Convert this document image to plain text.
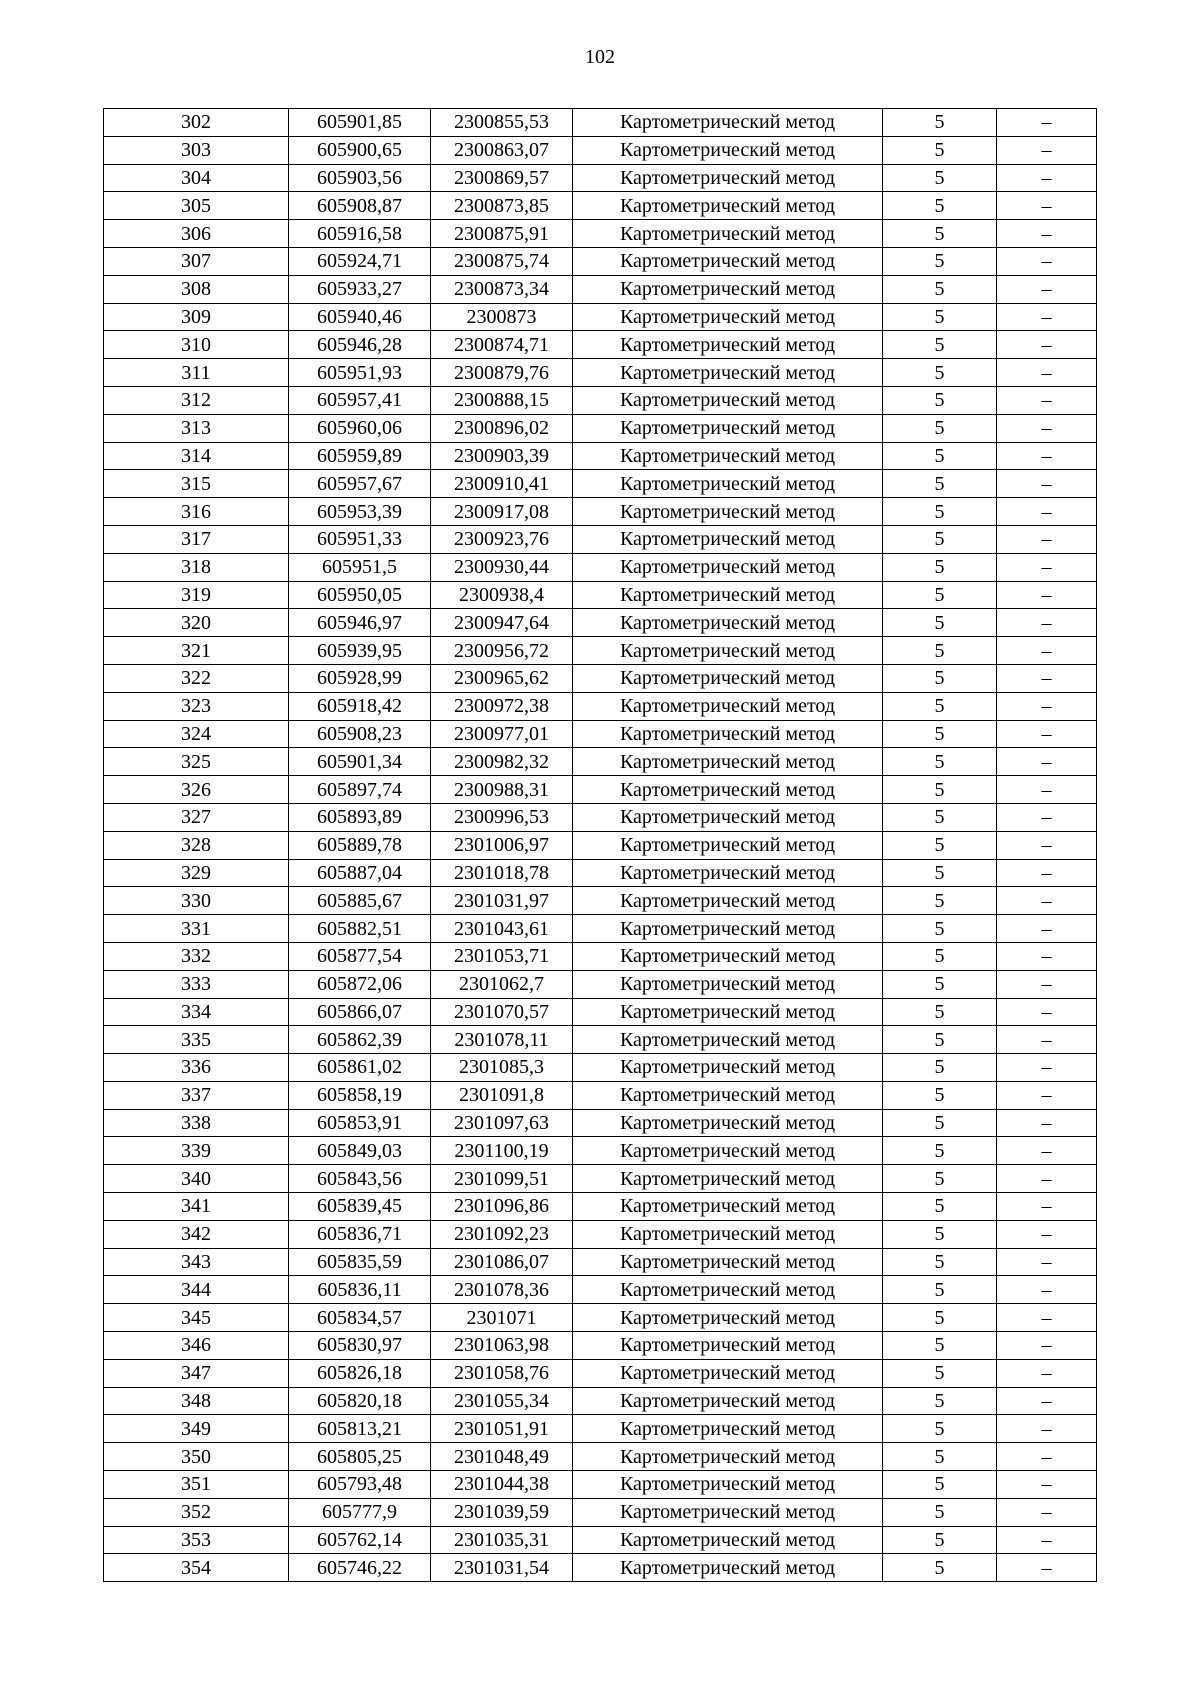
102
302	605901,85	2300855,53	Картометрический метод	5	–
303	605900,65	2300863,07	Картометрический метод	5	–
304	605903,56	2300869,57	Картометрический метод	5	–
305	605908,87	2300873,85	Картометрический метод	5	–
306	605916,58	2300875,91	Картометрический метод	5	–
307	605924,71	2300875,74	Картометрический метод	5	–
308	605933,27	2300873,34	Картометрический метод	5	–
309	605940,46	2300873	Картометрический метод	5	–
310	605946,28	2300874,71	Картометрический метод	5	–
311	605951,93	2300879,76	Картометрический метод	5	–
312	605957,41	2300888,15	Картометрический метод	5	–
313	605960,06	2300896,02	Картометрический метод	5	–
314	605959,89	2300903,39	Картометрический метод	5	–
315	605957,67	2300910,41	Картометрический метод	5	–
316	605953,39	2300917,08	Картометрический метод	5	–
317	605951,33	2300923,76	Картометрический метод	5	–
318	605951,5	2300930,44	Картометрический метод	5	–
319	605950,05	2300938,4	Картометрический метод	5	–
320	605946,97	2300947,64	Картометрический метод	5	–
321	605939,95	2300956,72	Картометрический метод	5	–
322	605928,99	2300965,62	Картометрический метод	5	–
323	605918,42	2300972,38	Картометрический метод	5	–
324	605908,23	2300977,01	Картометрический метод	5	–
325	605901,34	2300982,32	Картометрический метод	5	–
326	605897,74	2300988,31	Картометрический метод	5	–
327	605893,89	2300996,53	Картометрический метод	5	–
328	605889,78	2301006,97	Картометрический метод	5	–
329	605887,04	2301018,78	Картометрический метод	5	–
330	605885,67	2301031,97	Картометрический метод	5	–
331	605882,51	2301043,61	Картометрический метод	5	–
332	605877,54	2301053,71	Картометрический метод	5	–
333	605872,06	2301062,7	Картометрический метод	5	–
334	605866,07	2301070,57	Картометрический метод	5	–
335	605862,39	2301078,11	Картометрический метод	5	–
336	605861,02	2301085,3	Картометрический метод	5	–
337	605858,19	2301091,8	Картометрический метод	5	–
338	605853,91	2301097,63	Картометрический метод	5	–
339	605849,03	2301100,19	Картометрический метод	5	–
340	605843,56	2301099,51	Картометрический метод	5	–
341	605839,45	2301096,86	Картометрический метод	5	–
342	605836,71	2301092,23	Картометрический метод	5	–
343	605835,59	2301086,07	Картометрический метод	5	–
344	605836,11	2301078,36	Картометрический метод	5	–
345	605834,57	2301071	Картометрический метод	5	–
346	605830,97	2301063,98	Картометрический метод	5	–
347	605826,18	2301058,76	Картометрический метод	5	–
348	605820,18	2301055,34	Картометрический метод	5	–
349	605813,21	2301051,91	Картометрический метод	5	–
350	605805,25	2301048,49	Картометрический метод	5	–
351	605793,48	2301044,38	Картометрический метод	5	–
352	605777,9	2301039,59	Картометрический метод	5	–
353	605762,14	2301035,31	Картометрический метод	5	–
354	605746,22	2301031,54	Картометрический метод	5	–
